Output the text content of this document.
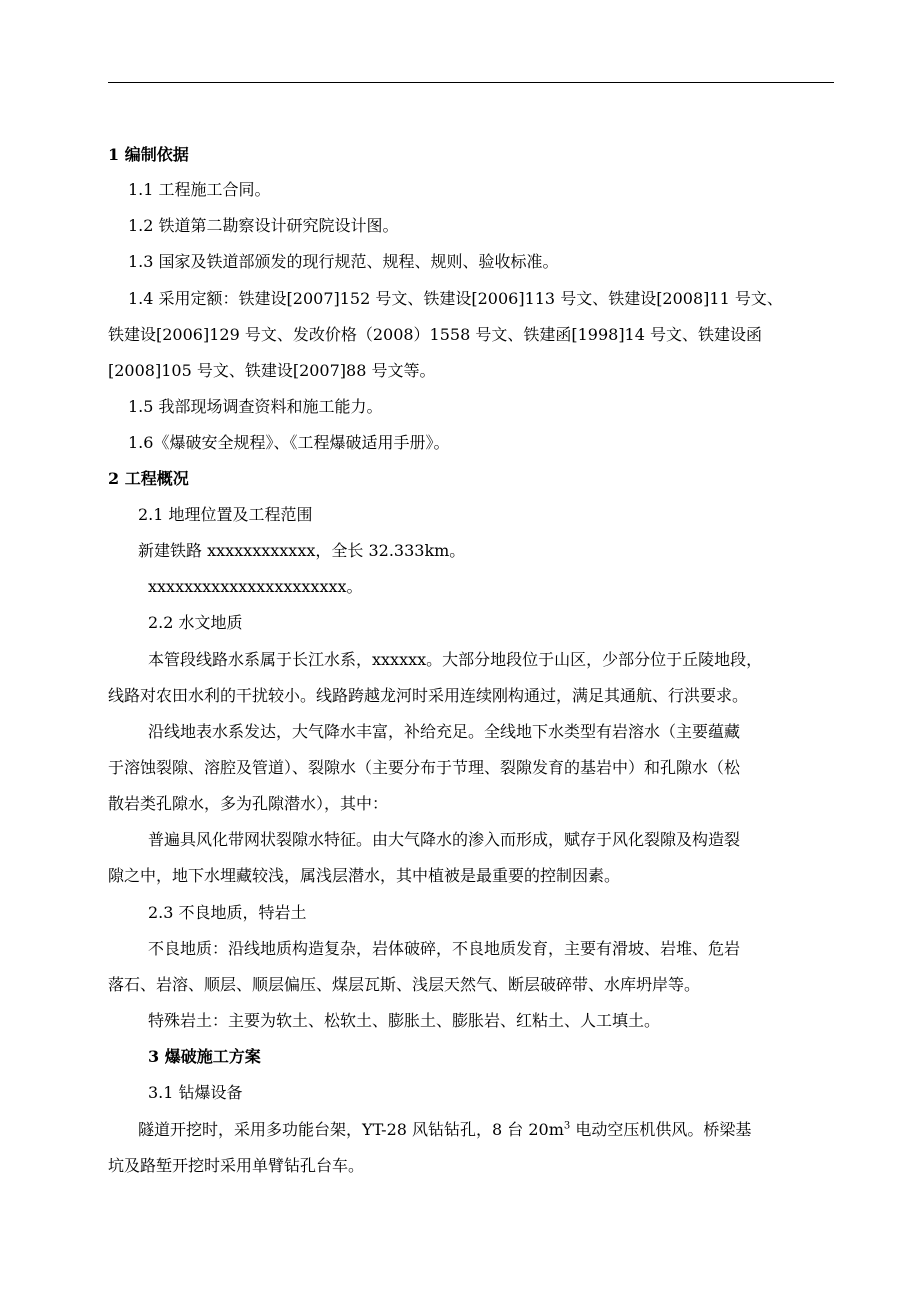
1 编制依据
1.1 工程施工合同。
1.2 铁道第二勘察设计研究院设计图。
1.3 国家及铁道部颁发的现行规范、规程、规则、验收标准。
1.4 采用定额：铁建设[2007]152 号文、铁建设[2006]113 号文、铁建设[2008]11 号文、
铁建设[2006]129 号文、发改价格（2008）1558 号文、铁建函[1998]14 号文、铁建设函
[2008]105 号文、铁建设[2007]88 号文等。
1.5 我部现场调查资料和施工能力。
1.6《爆破安全规程》、《工程爆破适用手册》。
2 工程概况
2.1 地理位置及工程范围
新建铁路 xxxxxxxxxxxx，全长 32.333km。
xxxxxxxxxxxxxxxxxxxxxx。
2.2 水文地质
本管段线路水系属于长江水系，xxxxxx。大部分地段位于山区，少部分位于丘陵地段，
线路对农田水利的干扰较小。线路跨越龙河时采用连续刚构通过，满足其通航、行洪要求。
沿线地表水系发达，大气降水丰富，补给充足。全线地下水类型有岩溶水（主要蕴藏
于溶蚀裂隙、溶腔及管道）、裂隙水（主要分布于节理、裂隙发育的基岩中）和孔隙水（松
散岩类孔隙水，多为孔隙潜水），其中：
普遍具风化带网状裂隙水特征。由大气降水的渗入而形成，赋存于风化裂隙及构造裂
隙之中，地下水埋藏较浅，属浅层潜水，其中植被是最重要的控制因素。
2.3 不良地质，特岩土
不良地质：沿线地质构造复杂，岩体破碎，不良地质发育，主要有滑坡、岩堆、危岩
落石、岩溶、顺层、顺层偏压、煤层瓦斯、浅层天然气、断层破碎带、水库坍岸等。
特殊岩土：主要为软土、松软土、膨胀土、膨胀岩、红粘土、人工填土。
3 爆破施工方案
3.1 钻爆设备
隧道开挖时，采用多功能台架，YT-28 风钻钻孔，8 台 $20m^3$ 电动空压机供风。桥梁基
坑及路堑开挖时采用单臂钻孔台车。
